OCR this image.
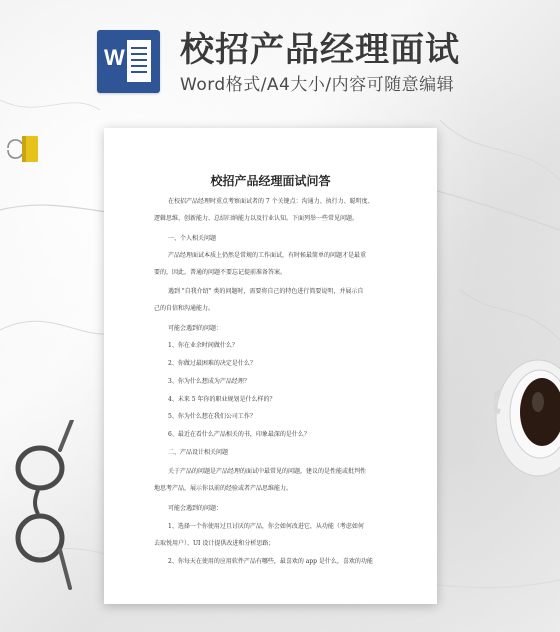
W 校招产品经理面试

Word格式/A4大小/内容可随意编辑

校招产品经理面试问答
在校招产品经理时重点考察面试者的 7 个关键点：沟通力、执行力、聪明度、
逻辑思维、创新能力、总结归纳能力以及行业认知。下面列举一些常见问题。
一、个人相关问题
产品经理面试本质上仍然是常规的工作面试，有时候最简单的问题才是最重
要的，因此，普通的问题不要忘记提前准备答案。
遇到 "自我介绍" 类的问题时，需要将自己的特色进行简要说明，并展示自
己的自信和沟通能力。
可能会遇到的问题：
1、你在业余时间做什么？
2、你做过最困难的决定是什么？
3、你为什么想成为产品经理？
4、未来 5 年你的职业规划是什么样的？
5、你为什么想在我们公司工作？
6、最近在看什么产品相关的书，印象最深的是什么？
二、产品设计相关问题
关于产品的问题是产品经理的面试中最常见的问题，建议的是性能或批判性
地思考产品，展示你以前的经验或者产品思维能力。
可能会遇到的问题：
1、选择一个你使用过且讨厌的产品，你会如何改进它，从功能（考虑如何
去取悦用户）、UI 设计提供改进和分析思路；
2、你每天在使用的应用软件产品有哪些，最喜欢的 app 是什么，喜欢的功能
